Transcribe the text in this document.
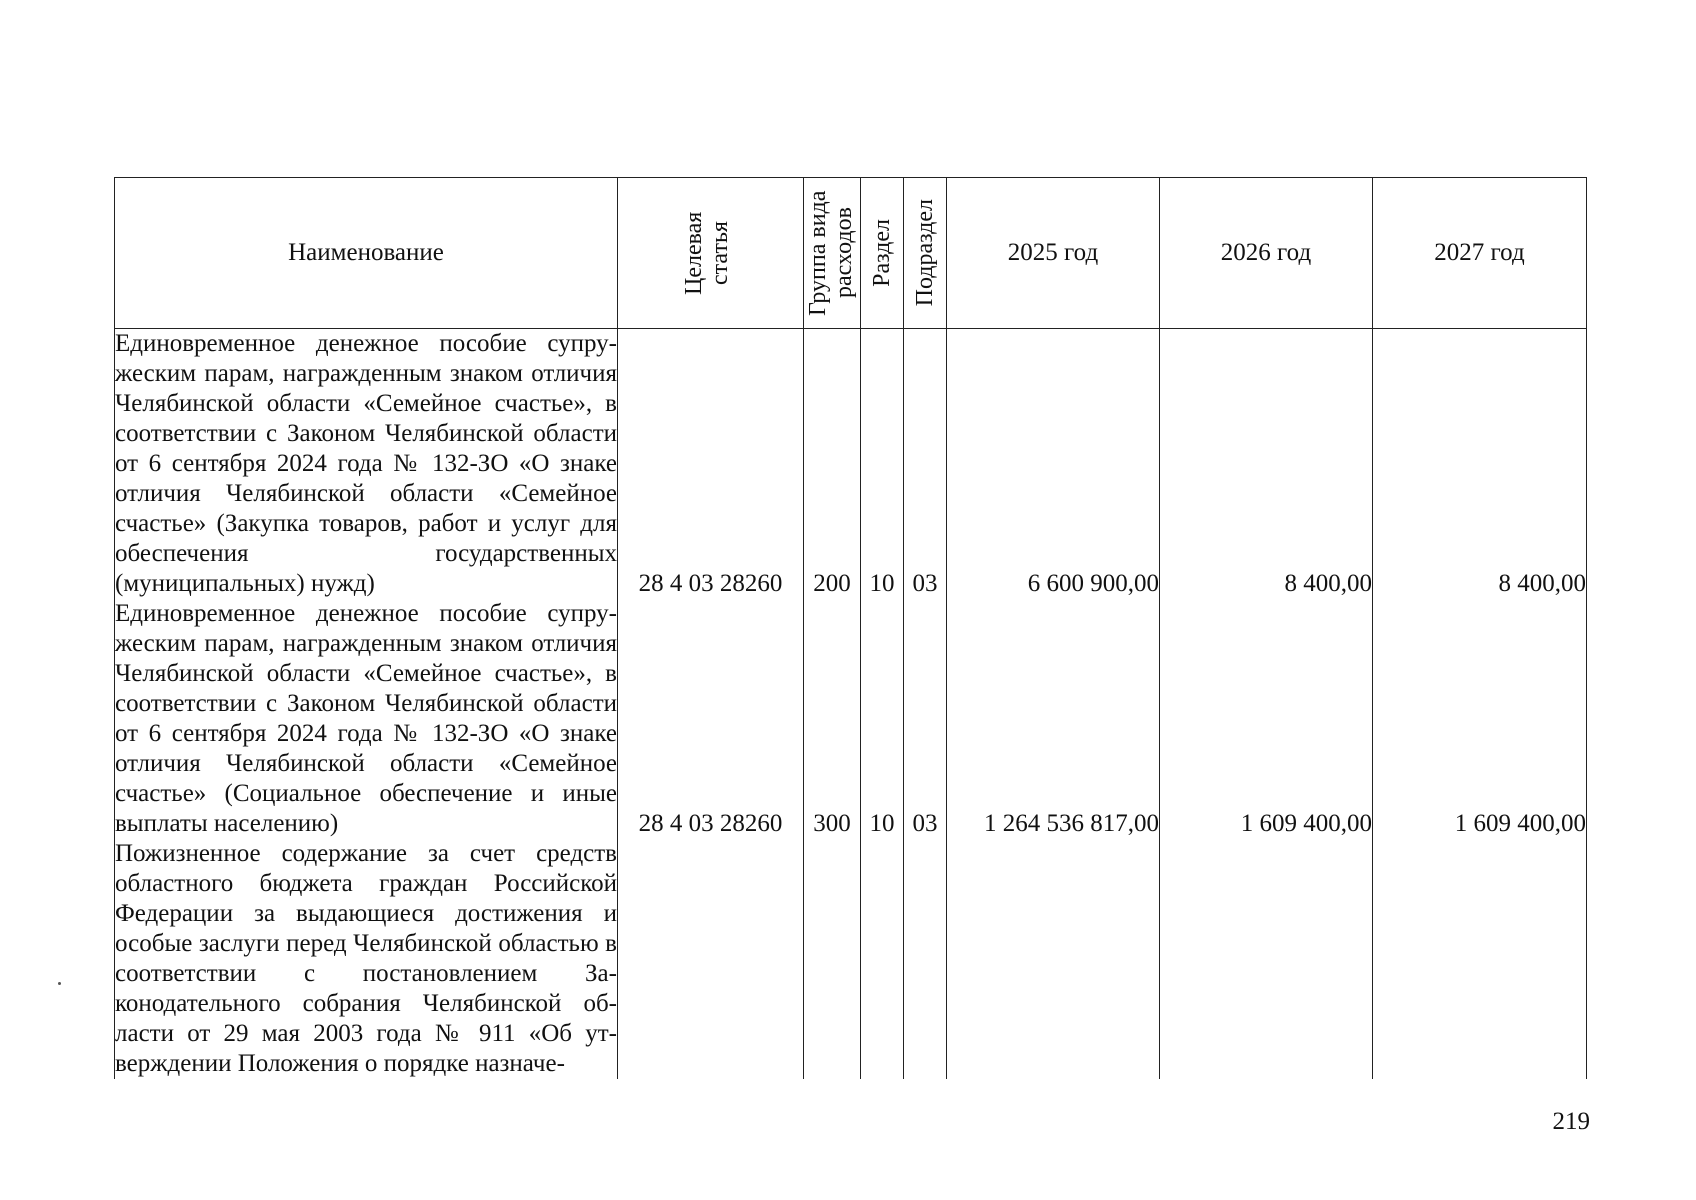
Наименование	Целевая статья	Группа вида расходов	Раздел	Подраздел	2025 год	2026 год	2027 год
Единовременное денежное пособие супружеским парам, награжденным знаком отличия Челябинской области «Семейное счастье», в соответствии с Законом Челябинской области от 6 сентября 2024 года № 132-ЗО «О знаке отличия Челябинской области «Семейное счастье» (Закупка товаров, работ и услуг для обеспечения государственных (муниципальных) нужд)	28 4 03 28260	200	10	03	6 600 900,00	8 400,00	8 400,00
Единовременное денежное пособие супружеским парам, награжденным знаком отличия Челябинской области «Семейное счастье», в соответствии с Законом Челябинской области от 6 сентября 2024 года № 132-ЗО «О знаке отличия Челябинской области «Семейное счастье» (Социальное обеспечение и иные выплаты населению)	28 4 03 28260	300	10	03	1 264 536 817,00	1 609 400,00	1 609 400,00
Пожизненное содержание за счет средств областного бюджета граждан Российской Федерации за выдающиеся достижения и особые заслуги перед Челябинской областью в соответствии с постановлением Законодательного собрания Челябинской области от 29 мая 2003 года № 911 «Об утверждении Положения о порядке назначе-							
219
